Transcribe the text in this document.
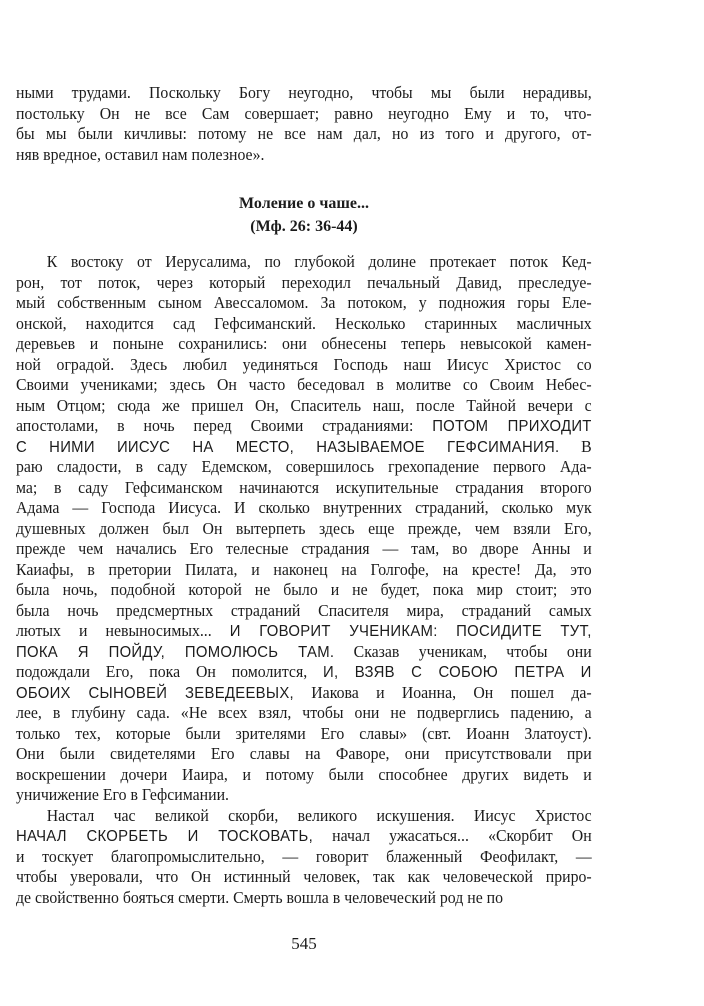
ными трудами. Поскольку Богу неугодно, чтобы мы были нерадивы,
постольку Он не все Сам совершает; равно неугодно Ему и то, что-
бы мы были кичливы: потому не все нам дал, но из того и другого, от-
няв вредное, оставил нам полезное».
Моление о чаше...
(Мф. 26: 36-44)
К востоку от Иерусалима, по глубокой долине протекает поток Кед-
рон, тот поток, через который переходил печальный Давид, преследуе-
мый собственным сыном Авессаломом. За потоком, у подножия горы Еле-
онской, находится сад Гефсиманский. Несколько старинных масличных
деревьев и поныне сохранились: они обнесены теперь невысокой камен-
ной оградой. Здесь любил уединяться Господь наш Иисус Христос со
Своими учениками; здесь Он часто беседовал в молитве со Своим Небес-
ным Отцом; сюда же пришел Он, Спаситель наш, после Тайной вечери с
апостолами, в ночь перед Своими страданиями: ПОТОМ ПРИХОДИТ
С НИМИ ИИСУС НА МЕСТО, НАЗЫВАЕМОЕ ГЕФСИМАНИЯ. В
раю сладости, в саду Едемском, совершилось грехопадение первого Ада-
ма; в саду Гефсиманском начинаются искупительные страдания второго
Адама — Господа Иисуса. И сколько внутренних страданий, сколько мук
душевных должен был Он вытерпеть здесь еще прежде, чем взяли Его,
прежде чем начались Его телесные страдания — там, во дворе Анны и
Каиафы, в претории Пилата, и наконец на Голгофе, на кресте! Да, это
была ночь, подобной которой не было и не будет, пока мир стоит; это
была ночь предсмертных страданий Спасителя мира, страданий самых
лютых и невыносимых... И ГОВОРИТ УЧЕНИКАМ: ПОСИДИТЕ ТУТ,
ПОКА Я ПОЙДУ, ПОМОЛЮСЬ ТАМ. Сказав ученикам, чтобы они
подождали Его, пока Он помолится, И, ВЗЯВ С СОБОЮ ПЕТРА И
ОБОИХ СЫНОВЕЙ ЗЕВЕДЕЕВЫХ, Иакова и Иоанна, Он пошел да-
лее, в глубину сада. «Не всех взял, чтобы они не подверглись падению, а
только тех, которые были зрителями Его славы» (свт. Иоанн Златоуст).
Они были свидетелями Его славы на Фаворе, они присутствовали при
воскрешении дочери Иаира, и потому были способнее других видеть и
уничижение Его в Гефсимании.
Настал час великой скорби, великого искушения. Иисус Христос
НАЧАЛ СКОРБЕТЬ И ТОСКОВАТЬ, начал ужасаться... «Скорбит Он
и тоскует благопромыслительно, — говорит блаженный Феофилакт, —
чтобы уверовали, что Он истинный человек, так как человеческой приро-
де свойственно бояться смерти. Смерть вошла в человеческий род не по
545
